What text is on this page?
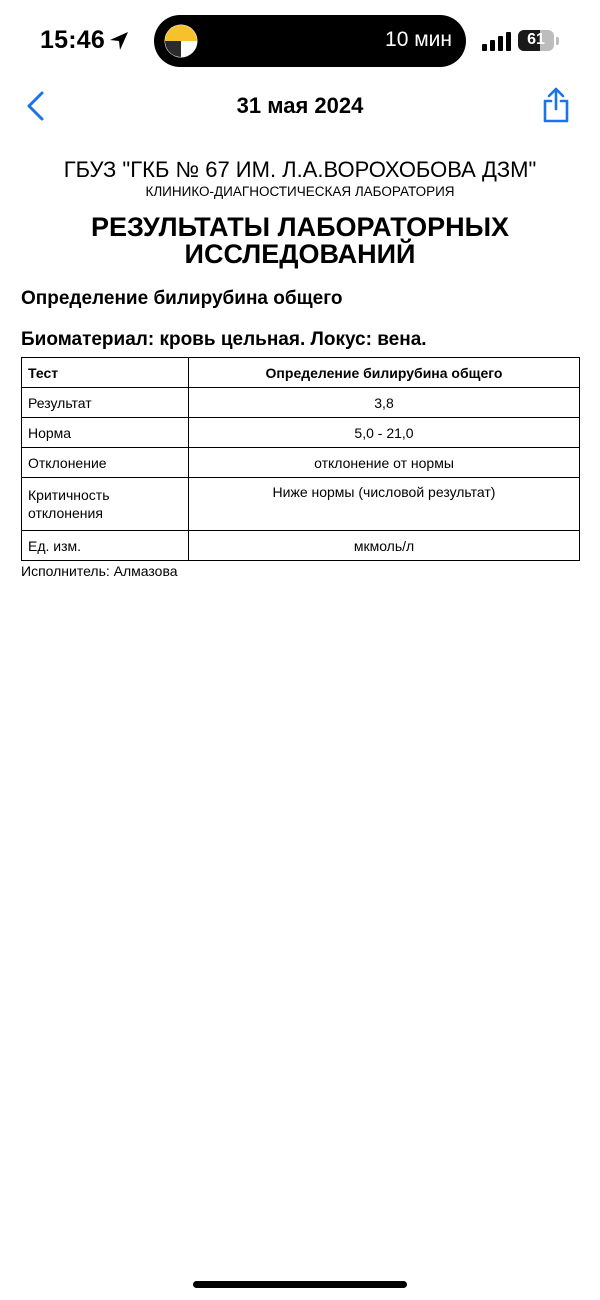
15:46	10 мин	61
31 мая 2024
ГБУЗ "ГКБ № 67 ИМ. Л.А.ВОРОХОБОВА ДЗМ"
КЛИНИКО-ДИАГНОСТИЧЕСКАЯ ЛАБОРАТОРИЯ
РЕЗУЛЬТАТЫ ЛАБОРАТОРНЫХ
ИССЛЕДОВАНИЙ
Определение билирубина общего
Биоматериал: кровь цельная. Локус: вена.
Тест	Определение билирубина общего
Результат	3,8
Норма	5,0 - 21,0
Отклонение	отклонение от нормы

Критичность
отклонения	Ниже нормы (числовой результат)
Ед. изм.	мкмоль/л
Исполнитель: Алмазова
